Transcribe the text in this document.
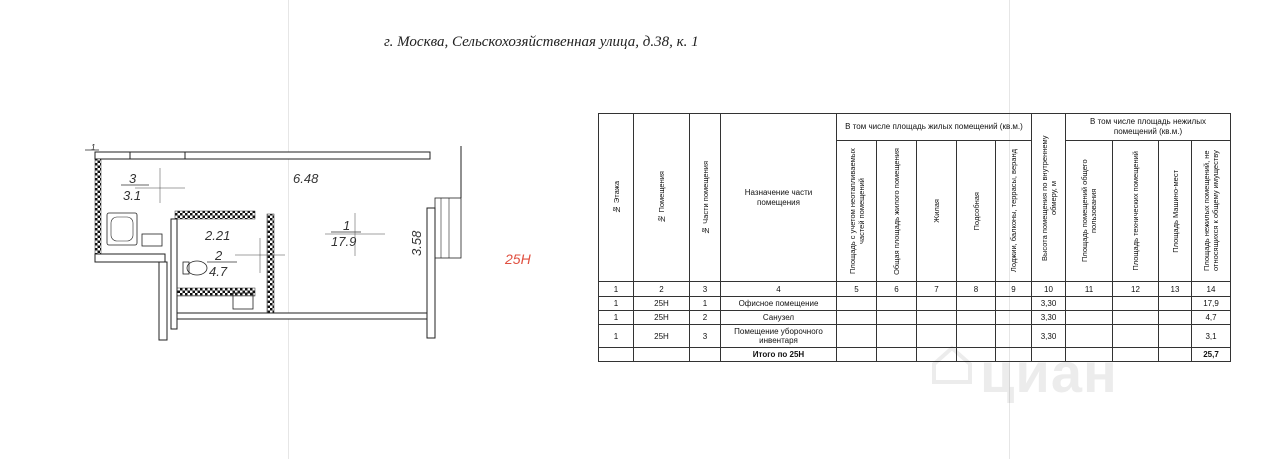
г. Москва, Сельскохозяйственная улица, д.38, к. 1
1
3
3.1
2.21
2
4.7
6.48
1
17.9	3.58
25Н
№ Этажа	№ Помещения	№ Части помещения	Назначение части помещения	В том числе площадь жилых помещений (кв.м.)					Высота помещения по внутреннему обмеру, м	В том числе площадь нежилых помещений (кв.м.)			

				Площадь с учетом неотапливаемых частей помещений	Общая площадь жилого помещения	Жилая	Подсобная	Лоджии, балконы, террасы, веранд		Площадь помещений общего пользования	Площадь технических помещений	Площадь Машино-мест	Площадь нежилых помещений, не относящихся к общему имуществу

1	2	3	4	5	6	7	8	9	10	11	12	13	14
1	25Н	1	Офисное помещение						3,30				17,9
1	25Н	2	Санузел						3,30				4,7
1	25Н	3	Помещение уборочного инвентаря						3,30				3,1
			Итого по 25Н										25,7
циан
